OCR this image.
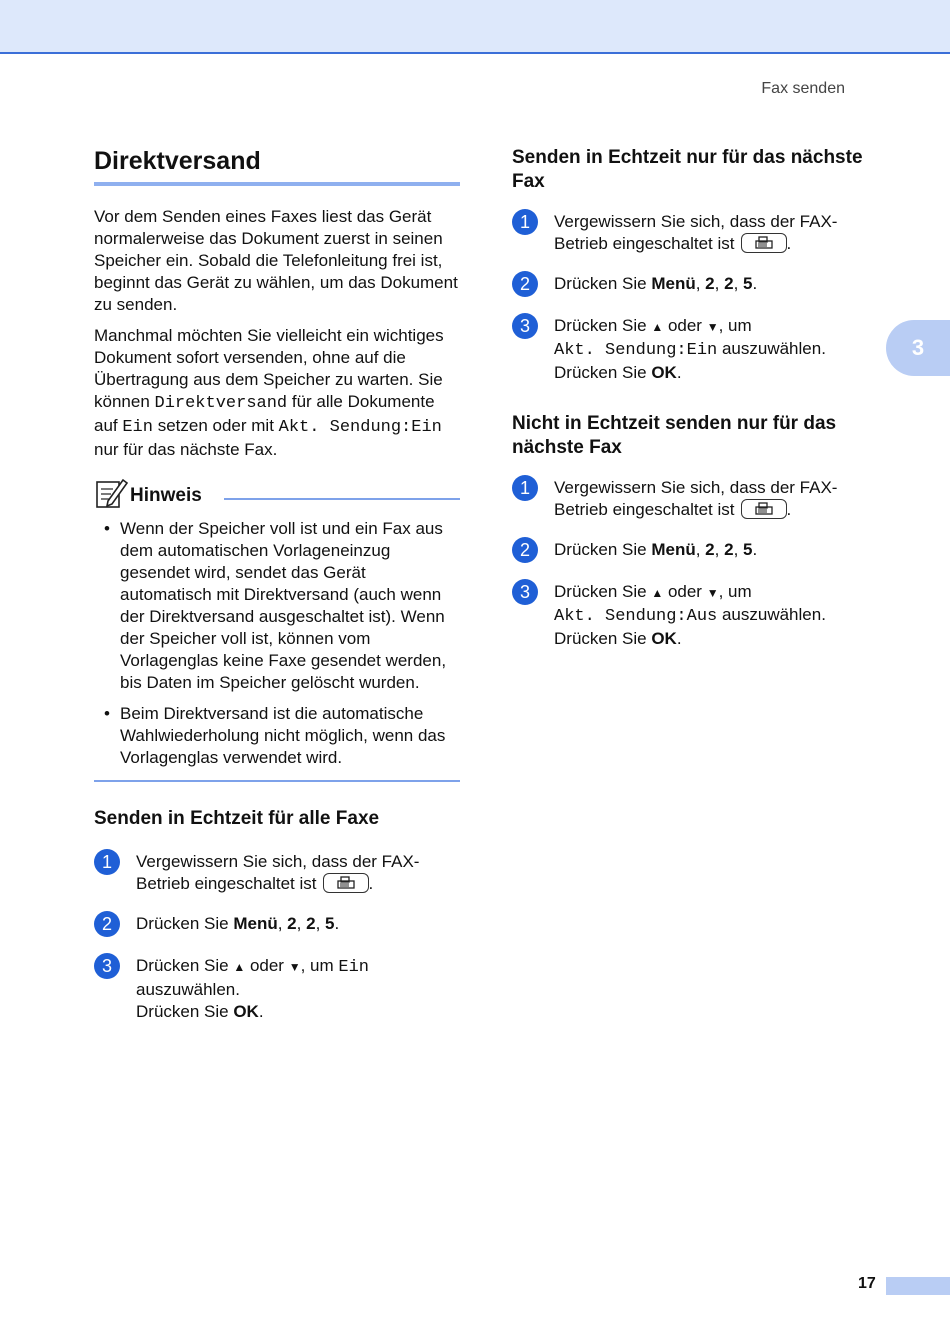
Fax senden
3
Direktversand

Vor dem Senden eines Faxes liest das Gerät normalerweise das Dokument zuerst in seinen Speicher ein. Sobald die Telefonleitung frei ist, beginnt das Gerät zu wählen, um das Dokument zu senden.

Manchmal möchten Sie vielleicht ein wichtiges Dokument sofort versenden, ohne auf die Übertragung aus dem Speicher zu warten. Sie können Direktversand für alle Dokumente auf Ein setzen oder mit Akt. Sendung:Ein nur für das nächste Fax.

Hinweis
• Wenn der Speicher voll ist und ein Fax aus dem automatischen Vorlageneinzug gesendet wird, sendet das Gerät automatisch mit Direktversand (auch wenn der Direktversand ausgeschaltet ist). Wenn der Speicher voll ist, können vom Vorlagenglas keine Faxe gesendet werden, bis Daten im Speicher gelöscht wurden.
• Beim Direktversand ist die automatische Wahlwiederholung nicht möglich, wenn das Vorlagenglas verwendet wird.
Senden in Echtzeit für alle Faxe
1	Vergewissern Sie sich, dass der FAX-Betrieb eingeschaltet ist	.
2	Drücken Sie Menü, 2, 2, 5.
3	Drücken Sie ▲ oder ▼, um Ein
auszuwählen.
Drücken Sie OK.
Senden in Echtzeit nur für das nächste Fax
1	Vergewissern Sie sich, dass der FAX-Betrieb eingeschaltet ist	.
2	Drücken Sie Menü, 2, 2, 5.
3	Drücken Sie ▲ oder ▼, um
Akt. Sendung:Ein auszuwählen.
Drücken Sie OK.
Nicht in Echtzeit senden nur für das nächste Fax
1	Vergewissern Sie sich, dass der FAX-Betrieb eingeschaltet ist	.
2	Drücken Sie Menü, 2, 2, 5.
3	Drücken Sie ▲ oder ▼, um
Akt. Sendung:Aus auszuwählen.
Drücken Sie OK.
17
